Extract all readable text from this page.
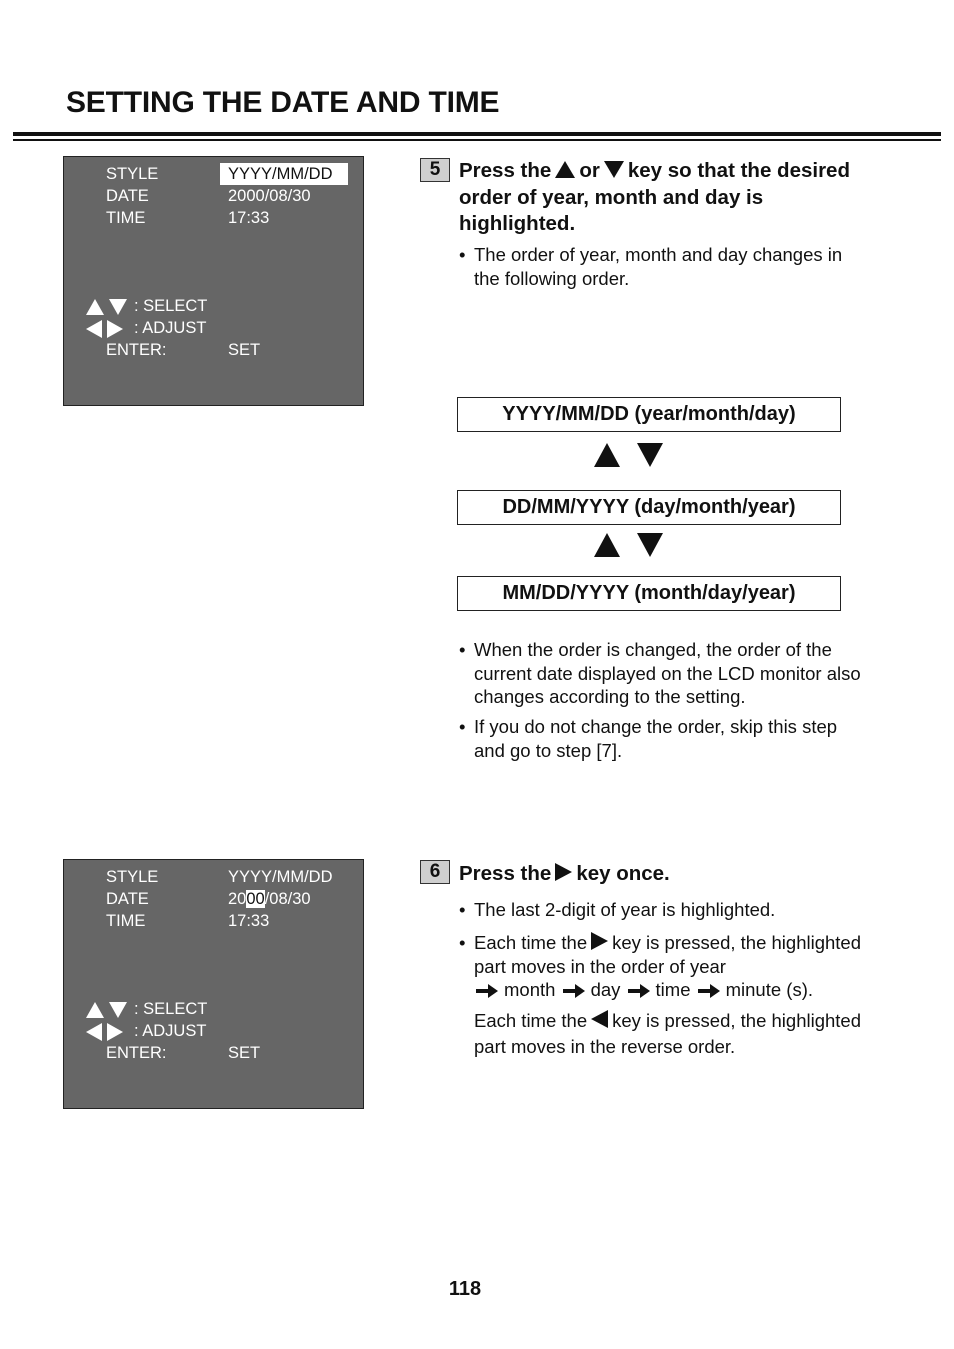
SETTING THE DATE AND TIME
STYLE	YYYY/MM/DD
DATE	2000/08/30
TIME	17:33
: SELECT
: ADJUST
ENTER:	SET
5 Press the or key so that the desired order of year, month and day is highlighted.
• The order of year, month and day changes in the following order.
YYYY/MM/DD (year/month/day)
DD/MM/YYYY (day/month/year)
MM/DD/YYYY (month/day/year)
• When the order is changed, the order of the current date displayed on the LCD monitor also changes according to the setting.
• If you do not change the order, skip this step and go to step [7].
STYLE	YYYY/MM/DD
DATE	2000/08/30
TIME	17:33
: SELECT
: ADJUST
ENTER:	SET
6 Press the key once.
• The last 2-digit of year is highlighted.
• Each time the key is pressed, the highlighted part moves in the order of year
month day time minute (s).
Each time the key is pressed, the highlighted part moves in the reverse order.
118
